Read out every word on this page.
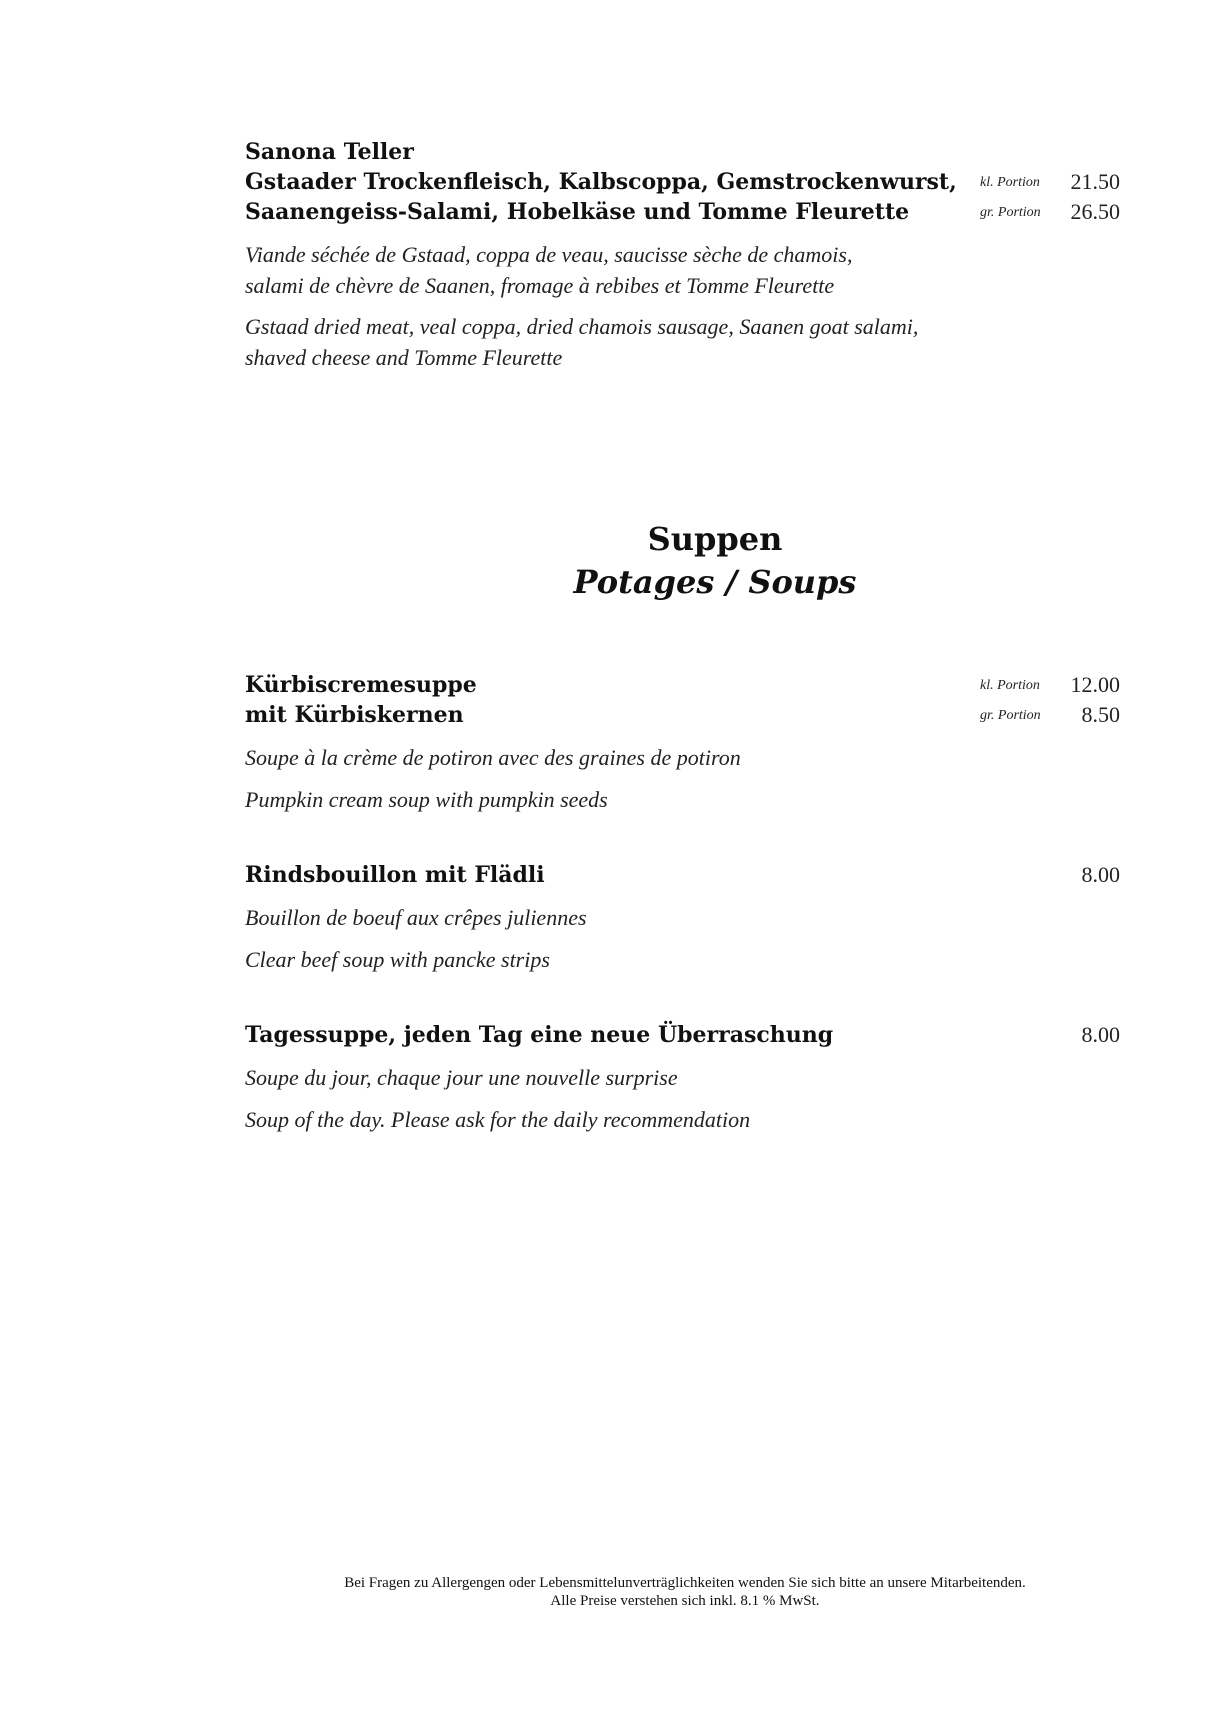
Sanona Teller
Gstaader Trockenfleisch, Kalbscoppa, Gemstrockenwurst,
Saanengeiss-Salami, Hobelkäse und Tomme Fleurette
kl. Portion 21.50
gr. Portion 26.50
Viande séchée de Gstaad, coppa de veau, saucisse sèche de chamois,
salami de chèvre de Saanen, fromage à rebibes et Tomme Fleurette
Gstaad dried meat, veal coppa, dried chamois sausage, Saanen goat salami,
shaved cheese and Tomme Fleurette
Suppen
Potages / Soups
Kürbiscremesuppe
mit Kürbiskernen
kl. Portion 12.00
gr. Portion 8.50
Soupe à la crème de potiron avec des graines de potiron
Pumpkin cream soup with pumpkin seeds
Rindsbouillon mit Flädli	8.00
Bouillon de boeuf aux crêpes juliennes
Clear beef soup with pancke strips
Tagessuppe, jeden Tag eine neue Überraschung	8.00
Soupe du jour, chaque jour une nouvelle surprise
Soup of the day. Please ask for the daily recommendation
Bei Fragen zu Allergengen oder Lebensmittelunverträglichkeiten wenden Sie sich bitte an unsere Mitarbeitenden.
Alle Preise verstehen sich inkl. 8.1 % MwSt.
